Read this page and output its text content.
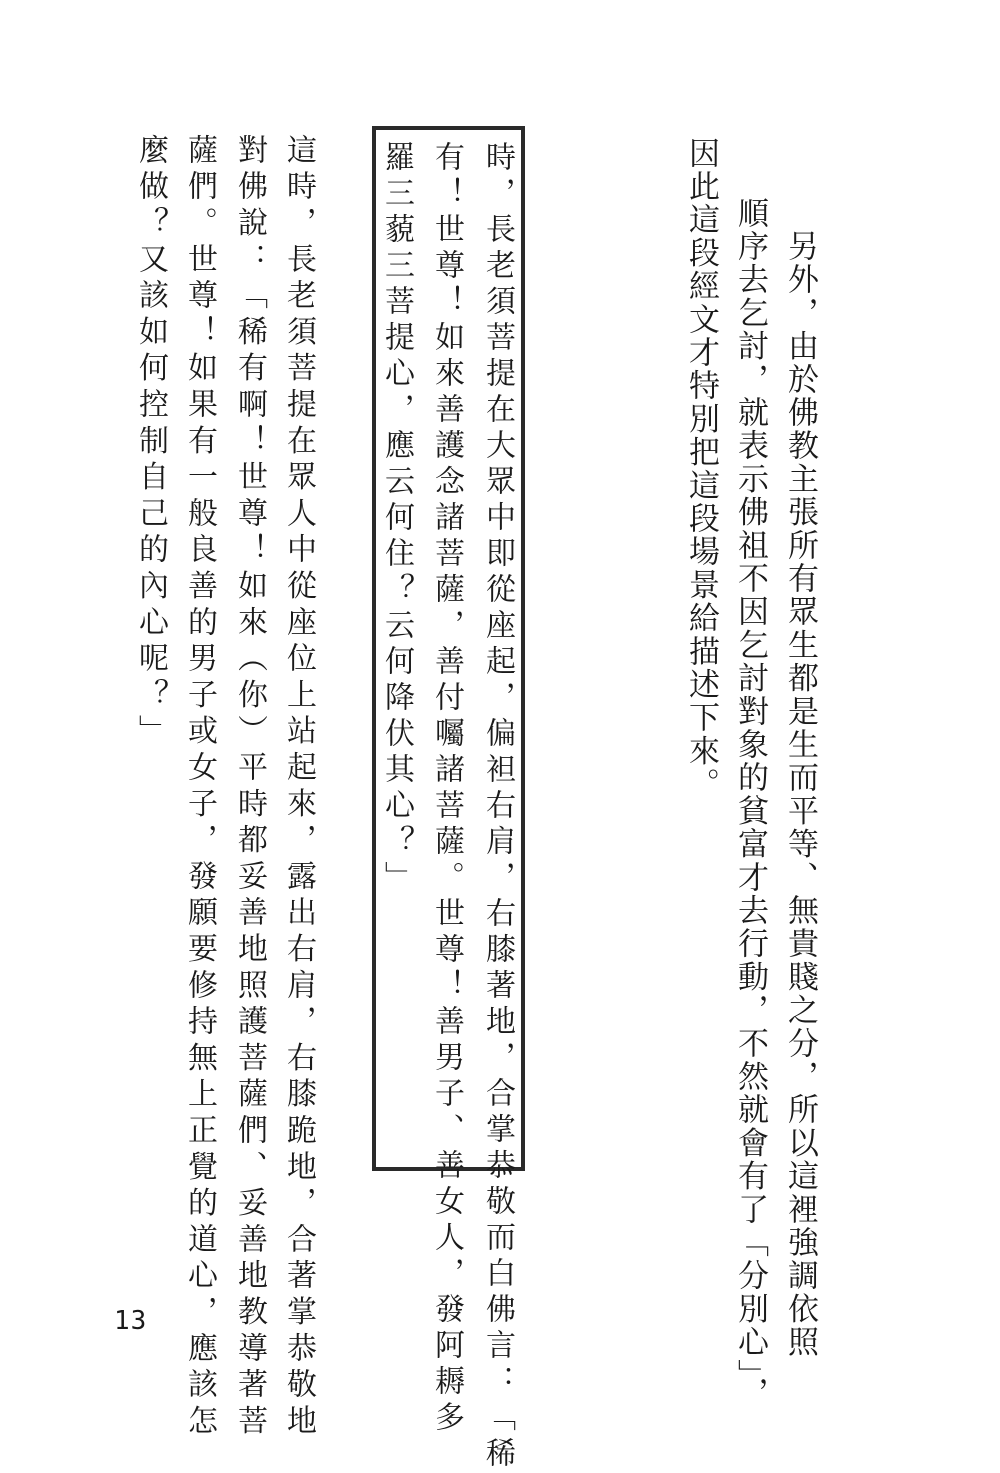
　另外，由於佛教主張所有眾生都是生而平等、無貴賤之分，所以這裡強調依照

順序去乞討，就表示佛祖不因乞討對象的貧富才去行動，不然就會有了「分別心」，

因此這段經文才特別把這段場景給描述下來。

時，長老須菩提在大眾中即從座起，偏袒右肩，右膝著地，合掌恭敬而白佛言：「稀

有！世尊！如來善護念諸菩薩，善付囑諸菩薩。世尊！善男子、善女人，發阿耨多

羅三藐三菩提心，應云何住？云何降伏其心？」

這時，長老須菩提在眾人中從座位上站起來，露出右肩，右膝跪地，合著掌恭敬地

對佛說：「稀有啊！世尊！如來（你）平時都妥善地照護菩薩們、妥善地教導著菩

薩們。世尊！如果有一般良善的男子或女子，發願要修持無上正覺的道心，應該怎

麼做？又該如何控制自己的內心呢？」

13
